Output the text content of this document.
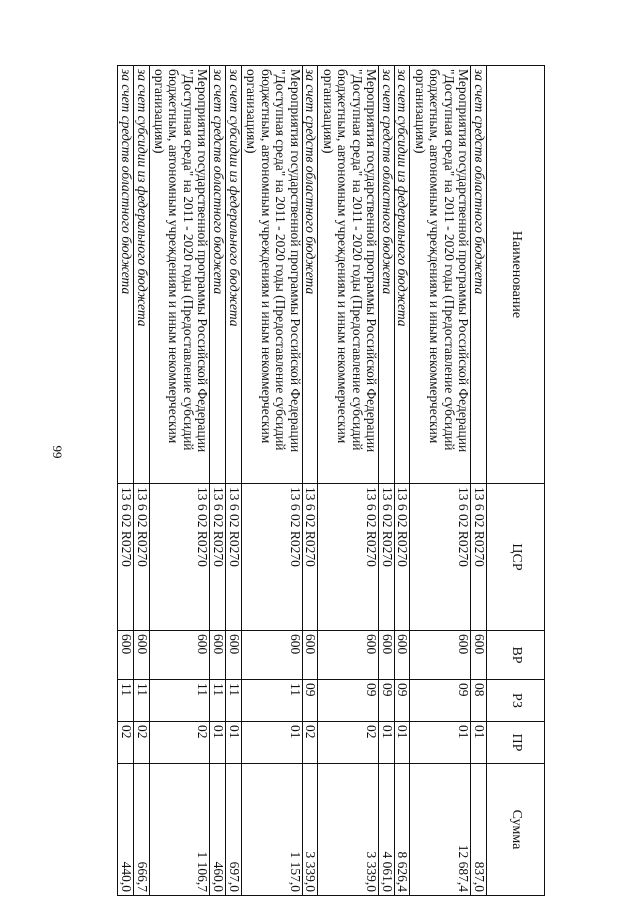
99
Наименование	ЦСР	ВР	РЗ	ПР	Сумма
за счет средств областного бюджета	13 6 02 R0270	600	08	01	837,0
Мероприятия государственной программы Российской Федерации "Доступная среда" на 2011 - 2020 годы (Предоставление субсидий бюджетным, автономным учреждениям и иным некоммерческим организациям)	13 6 02 R0270	600	09	01	12 687,4
за счет субсидии из федерального бюджета	13 6 02 R0270	600	09	01	8 626,4
за счет средств областного бюджета	13 6 02 R0270	600	09	01	4 061,0
Мероприятия государственной программы Российской Федерации "Доступная среда" на 2011 - 2020 годы (Предоставление субсидий бюджетным, автономным учреждениям и иным некоммерческим организациям)	13 6 02 R0270	600	09	02	3 339,0
за счет средств областного бюджета	13 6 02 R0270	600	09	02	3 339,0
Мероприятия государственной программы Российской Федерации "Доступная среда" на 2011 - 2020 годы (Предоставление субсидий бюджетным, автономным учреждениям и иным некоммерческим организациям)	13 6 02 R0270	600	11	01	1 157,0
за счет субсидии из федерального бюджета	13 6 02 R0270	600	11	01	697,0
за счет средств областного бюджета	13 6 02 R0270	600	11	01	460,0
Мероприятия государственной программы Российской Федерации "Доступная среда" на 2011 - 2020 годы (Предоставление субсидий бюджетным, автономным учреждениям и иным некоммерческим организациям)	13 6 02 R0270	600	11	02	1 106,7
за счет субсидии из федерального бюджета	13 6 02 R0270	600	11	02	666,7
за счет средств областного бюджета	13 6 02 R0270	600	11	02	440,0
